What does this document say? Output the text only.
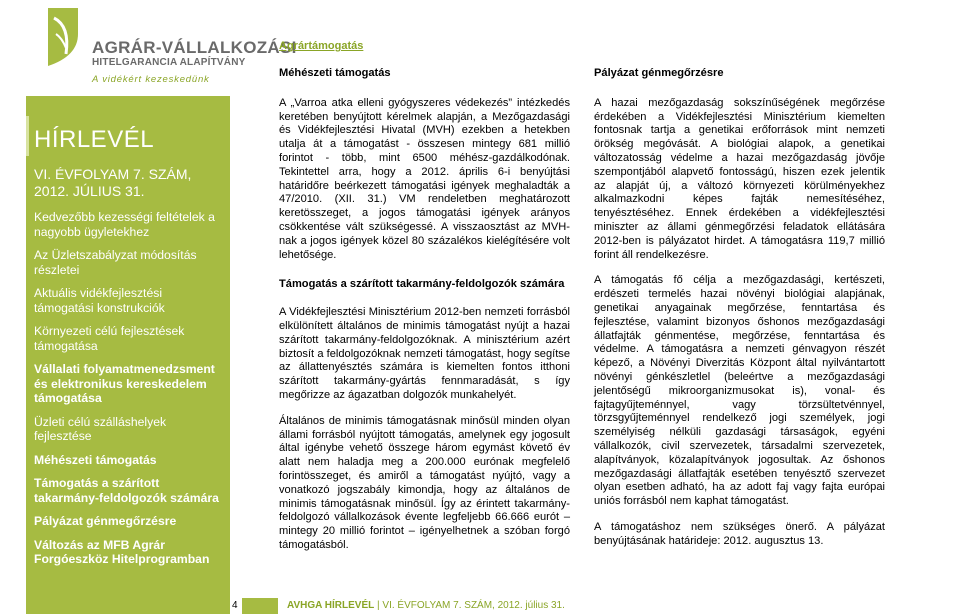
AGRÁR-VÁLLALKOZÁSI
HITELGARANCIA ALAPÍTVÁNY
A vidékért kezeskedünk
HÍRLEVÉL
VI. ÉVFOLYAM 7. SZÁM, 2012. JÚLIUS 31.
Kedvezőbb kezességi feltételek a nagyobb ügyletekhez
Az Üzletszabályzat módosítás részletei
Aktuális vidékfejlesztési támogatási konstrukciók
Környezeti célú fejlesztések támogatása
Vállalati folyamatmenedzsment és elektronikus kereskedelem támogatása
Üzleti célú szálláshelyek fejlesztése
Méhészeti támogatás
Támogatás a szárított takarmány-feldolgozók számára
Pályázat génmegőrzésre
Változás az MFB Agrár Forgóeszköz Hitelprogramban
4
Agrártámogatás
Méhészeti támogatás

A „Varroa atka elleni gyógyszeres védekezés” intézkedés keretében benyújtott kérelmek alapján, a Mezőgazdasági és Vidékfejlesztési Hivatal (MVH) ezekben a hetekben utalja át a támogatást - összesen mintegy 681 millió forintot - több, mint 6500 méhész-gazdálkodónak. Tekintettel arra, hogy a 2012. április 6-i benyújtási határidőre beérkezett támogatási igények meghaladták a 47/2010. (XII. 31.) VM rendeletben meghatározott keretösszeget, a jogos támogatási igények arányos csökkentése vált szükségessé. A visszaosztást az MVH-nak a jogos igények közel 80 százalékos kielégítésére volt lehetősége.

Támogatás a szárított takarmány-feldolgozók számára

A Vidékfejlesztési Minisztérium 2012-ben nemzeti forrásból elkülönített általános de minimis támogatást nyújt a hazai szárított takarmány-feldolgozóknak. A minisztérium azért biztosít a feldolgozóknak nemzeti támogatást, hogy segítse az állattenyésztés számára is kiemelten fontos itthoni szárított takarmány-gyártás fennmaradását, s így megőrizze az ágazatban dolgozók munkahelyét.

Általános de minimis támogatásnak minősül minden olyan állami forrásból nyújtott támogatás, amelynek egy jogosult által igénybe vehető összege három egymást követő év alatt nem haladja meg a 200.000 eurónak megfelelő forintösszeget, és amiről a támogatást nyújtó, vagy a vonatkozó jogszabály kimondja, hogy az általános de minimis támogatásnak minősül. Így az érintett takarmány-feldolgozó vállalkozások évente legfeljebb 66.666 eurót – mintegy 20 millió forintot – igényelhetnek a szóban forgó támogatásból.

Pályázat génmegőrzésre

A hazai mezőgazdaság sokszínűségének megőrzése érdekében a Vidékfejlesztési Minisztérium kiemelten fontosnak tartja a genetikai erőforrások mint nemzeti örökség megóvását. A biológiai alapok, a genetikai változatosság védelme a hazai mezőgazdaság jövője szempontjából alapvető fontosságú, hiszen ezek jelentik az alapját új, a változó környezeti körülményekhez alkalmazkodni képes fajták nemesítéséhez, tenyésztéséhez. Ennek érdekében a vidékfejlesztési miniszter az állami génmegőrzési feladatok ellátására 2012-ben is pályázatot hirdet. A támogatásra 119,7 millió forint áll rendelkezésre.

A támogatás fő célja a mezőgazdasági, kertészeti, erdészeti termelés hazai növényi biológiai alapjának, genetikai anyagainak megőrzése, fenntartása és fejlesztése, valamint bizonyos őshonos mezőgazdasági állatfajták génmentése, megőrzése, fenntartása és védelme. A támogatásra a nemzeti génvagyon részét képező, a Növényi Diverzitás Központ által nyilvántartott növényi génkészletlel (beleértve a mezőgazdasági jelentőségű mikroorganizmusokat is), vonal- és fajtagyűjteménnyel, vagy törzsültetvénnyel, törzsgyűjteménnyel rendelkező jogi személyek, jogi személyiség nélküli gazdasági társaságok, egyéni vállalkozók, civil szervezetek, társadalmi szervezetek, alapítványok, közalapítványok jogosultak. Az őshonos mezőgazdasági állatfajták esetében tenyésztő szervezet olyan esetben adható, ha az adott faj vagy fajta európai uniós forrásból nem kaphat támogatást.

A támogatáshoz nem szükséges önerő. A pályázat benyújtásának határideje: 2012. augusztus 13.

AVHGA HÍRLEVÉL | VI. ÉVFOLYAM 7. SZÁM, 2012. július 31.
